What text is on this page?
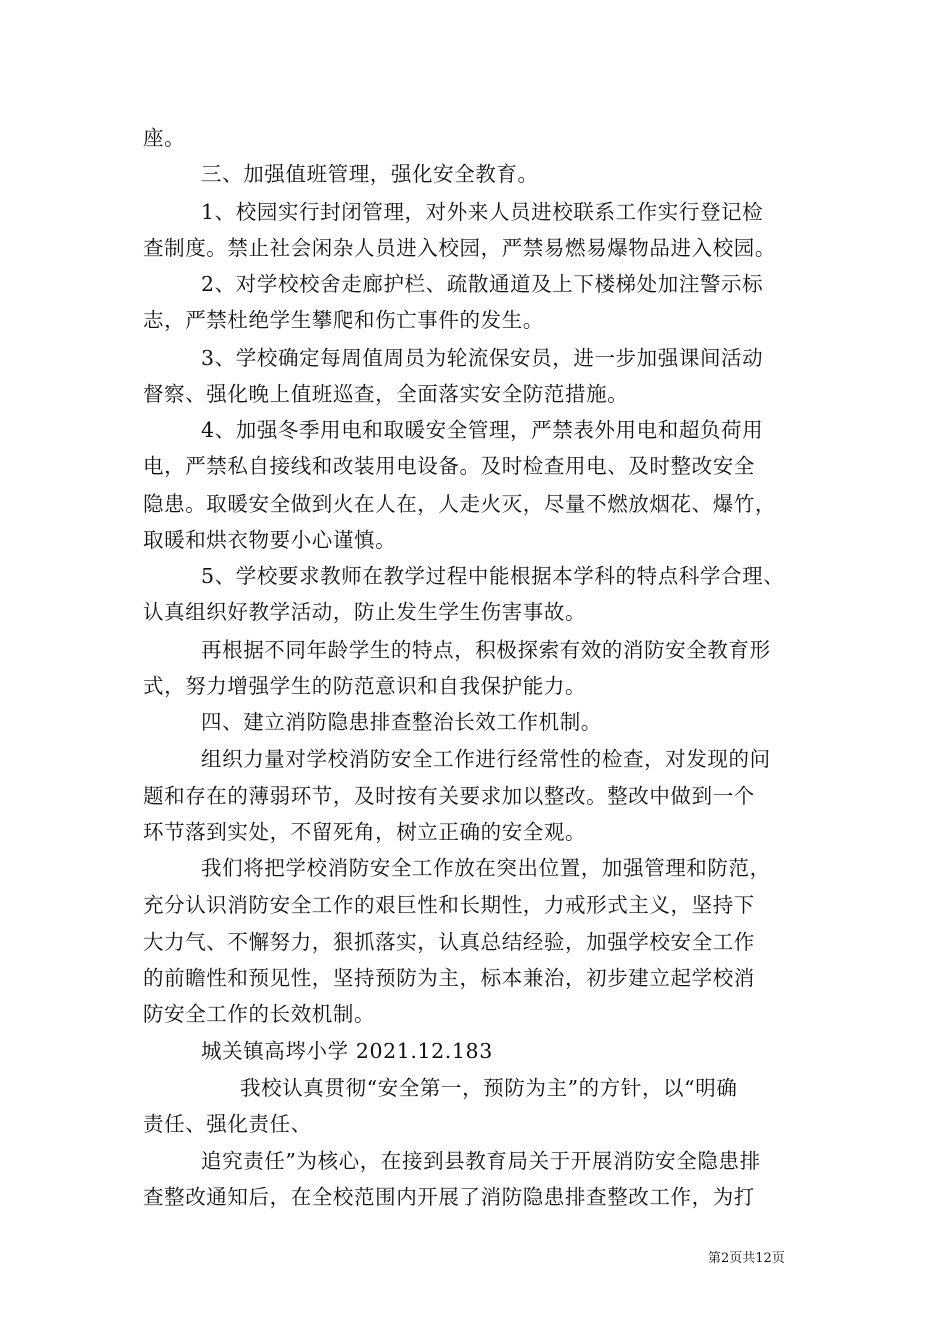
座。
三、加强值班管理，强化安全教育。
1、校园实行封闭管理，对外来人员进校联系工作实行登记检
查制度。禁止社会闲杂人员进入校园，严禁易燃易爆物品进入校园。
2、对学校校舍走廊护栏、疏散通道及上下楼梯处加注警示标
志，严禁杜绝学生攀爬和伤亡事件的发生。
3、学校确定每周值周员为轮流保安员，进一步加强课间活动
督察、强化晚上值班巡查，全面落实安全防范措施。
4、加强冬季用电和取暖安全管理，严禁表外用电和超负荷用
电，严禁私自接线和改装用电设备。及时检查用电、及时整改安全
隐患。取暖安全做到火在人在，人走火灭，尽量不燃放烟花、爆竹，
取暖和烘衣物要小心谨慎。
5、学校要求教师在教学过程中能根据本学科的特点科学合理、
认真组织好教学活动，防止发生学生伤害事故。
再根据不同年龄学生的特点，积极探索有效的消防安全教育形
式，努力增强学生的防范意识和自我保护能力。
四、建立消防隐患排查整治长效工作机制。
组织力量对学校消防安全工作进行经常性的检查，对发现的问
题和存在的薄弱环节，及时按有关要求加以整改。整改中做到一个
环节落到实处，不留死角，树立正确的安全观。
我们将把学校消防安全工作放在突出位置，加强管理和防范，
充分认识消防安全工作的艰巨性和长期性，力戒形式主义，坚持下
大力气、不懈努力，狠抓落实，认真总结经验，加强学校安全工作
的前瞻性和预见性，坚持预防为主，标本兼治，初步建立起学校消
防安全工作的长效机制。
城关镇高埁小学 2021.12.183
我校认真贯彻“安全第一，预防为主”的方针，以“明确
责任、强化责任、
追究责任”为核心，在接到县教育局关于开展消防安全隐患排
查整改通知后，在全校范围内开展了消防隐患排查整改工作，为打
第2页共12页
